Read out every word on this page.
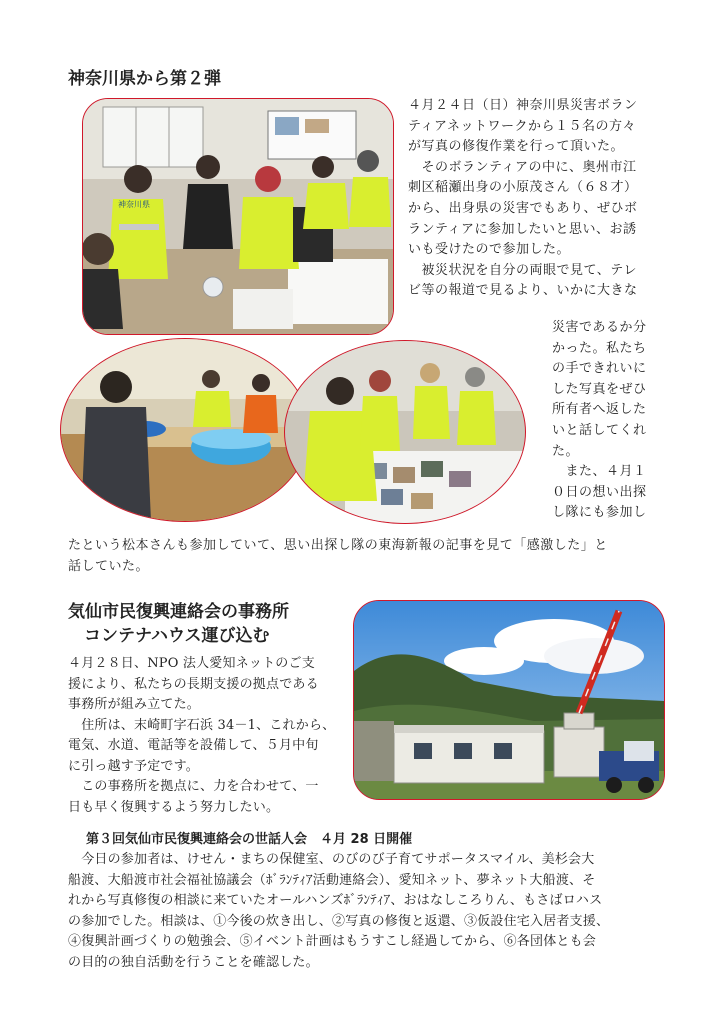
神奈川県から第２弾
神奈川県
４月２４日（日）神奈川県災害ボラン
ティアネットワークから１５名の方々
が写真の修復作業を行って頂いた。
　そのボランティアの中に、奥州市江
刺区稲瀬出身の小原茂さん（６８才）
から、出身県の災害でもあり、ぜひボ
ランティアに参加したいと思い、お誘
いも受けたので参加した。
　被災状況を自分の両眼で見て、テレ
ビ等の報道で見るより、いかに大きな
災害であるか分
かった。私たち
の手できれいに
した写真をぜひ
所有者へ返した
いと話してくれ
た。
　また、４月１
０日の想い出探
し隊にも参加し
たという松本さんも参加していて、思い出探し隊の東海新報の記事を見て「感激した」と
話していた。
気仙市民復興連絡会の事務所
コンテナハウス運び込む
４月２８日、NPO 法人愛知ネットのご支
援により、私たちの長期支援の拠点である
事務所が組み立てた。
　住所は、末崎町字石浜 34－1、これから、
電気、水道、電話等を設備して、５月中旬
に引っ越す予定です。
　この事務所を拠点に、力を合わせて、一
日も早く復興するよう努力したい。
第３回気仙市民復興連絡会の世話人会　４月 28 日開催
　今日の参加者は、けせん・まちの保健室、のびのび子育てサポータスマイル、美杉会大
船渡、大船渡市社会福祉協議会（ﾎﾞﾗﾝﾃｨｱ活動連絡会）、愛知ネット、夢ネット大船渡、そ
れから写真修復の相談に来ていたオールハンズﾎﾞﾗﾝﾃｨｱ、おはなしころりん、もさばロハス
の参加でした。相談は、①今後の炊き出し、②写真の修復と返還、③仮設住宅入居者支援、
④復興計画づくりの勉強会、⑤イベント計画はもうすこし経過してから、⑥各団体とも会
の目的の独自活動を行うことを確認した。
